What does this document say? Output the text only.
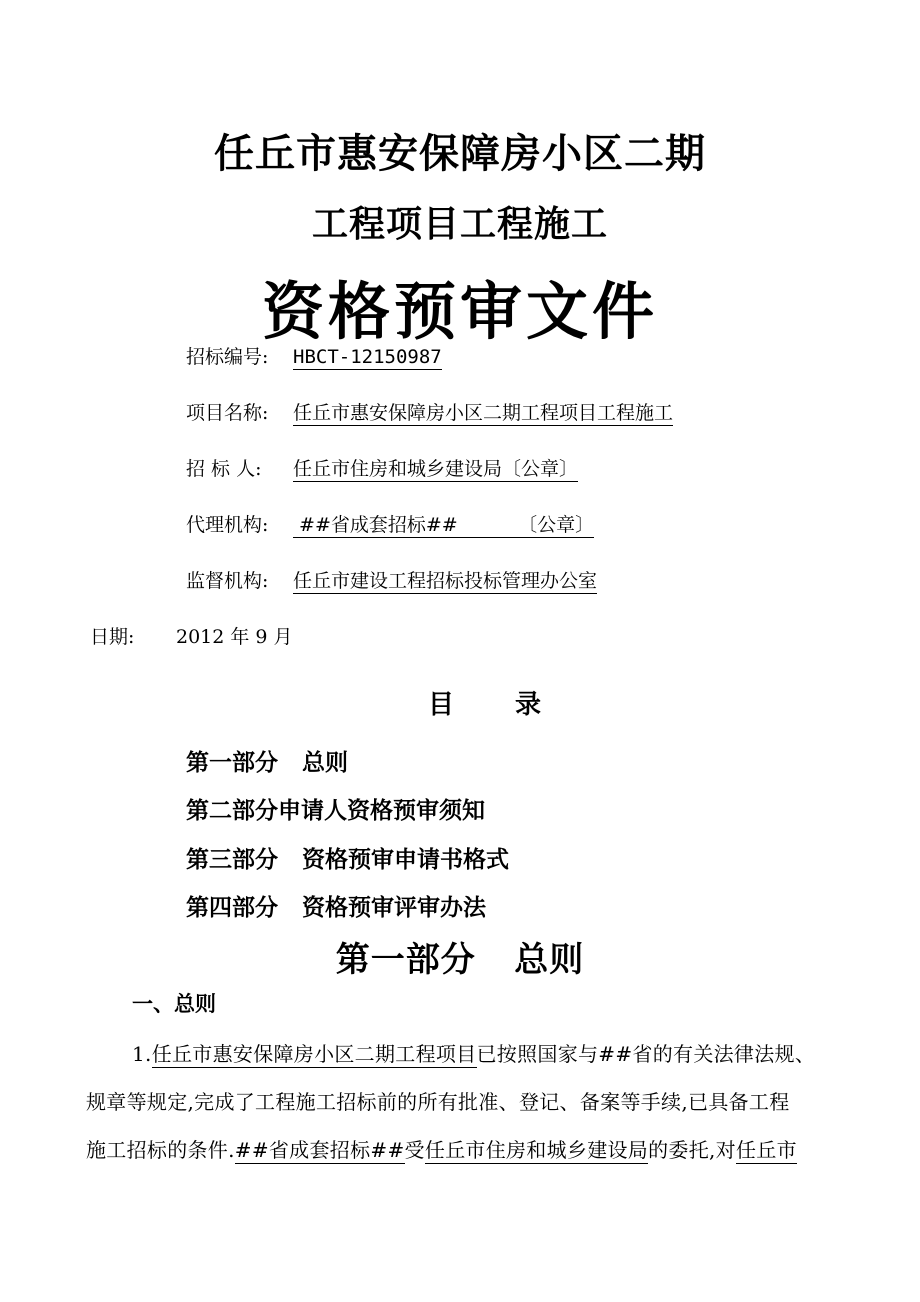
任丘市惠安保障房小区二期
工程项目工程施工
资格预审文件
招标编号: HBCT-12150987
项目名称: 任丘市惠安保障房小区二期工程项目工程施工
招 标 人: 任丘市住房和城乡建设局〔公章〕
代理机构: ##省成套招标##          〔公章〕
监督机构: 任丘市建设工程招标投标管理办公室
日期: 2012 年 9 月
目 录
第一部分   总则
第二部分申请人资格预审须知
第三部分   资格预审申请书格式
第四部分   资格预审评审办法
第一部分   总则
一、总则
1.任丘市惠安保障房小区二期工程项目已按照国家与##省的有关法律法规、
规章等规定,完成了工程施工招标前的所有批准、登记、备案等手续,已具备工程
施工招标的条件.##省成套招标##受任丘市住房和城乡建设局的委托,对任丘市
